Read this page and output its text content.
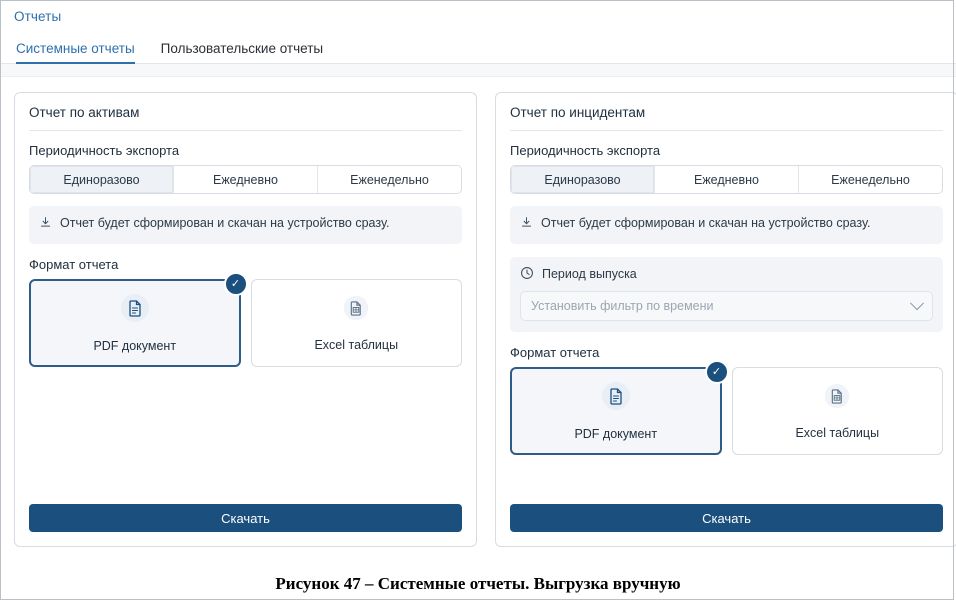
Отчеты
Системные отчеты Пользовательские отчеты
Отчет по активам
Периодичность экспорта
Единоразово	Ежедневно	Еженедельно
Отчет будет сформирован и скачан на устройство сразу.
Формат отчета
✓
PDF документ	Excel таблицы
Скачать
Отчет по инцидентам
Периодичность экспорта
Единоразово	Ежедневно	Еженедельно
Отчет будет сформирован и скачан на устройство сразу.
Период выпуска
Установить фильтр по времени
Формат отчета
✓
PDF документ	Excel таблицы
Скачать
Рисунок 47 – Системные отчеты. Выгрузка вручную
